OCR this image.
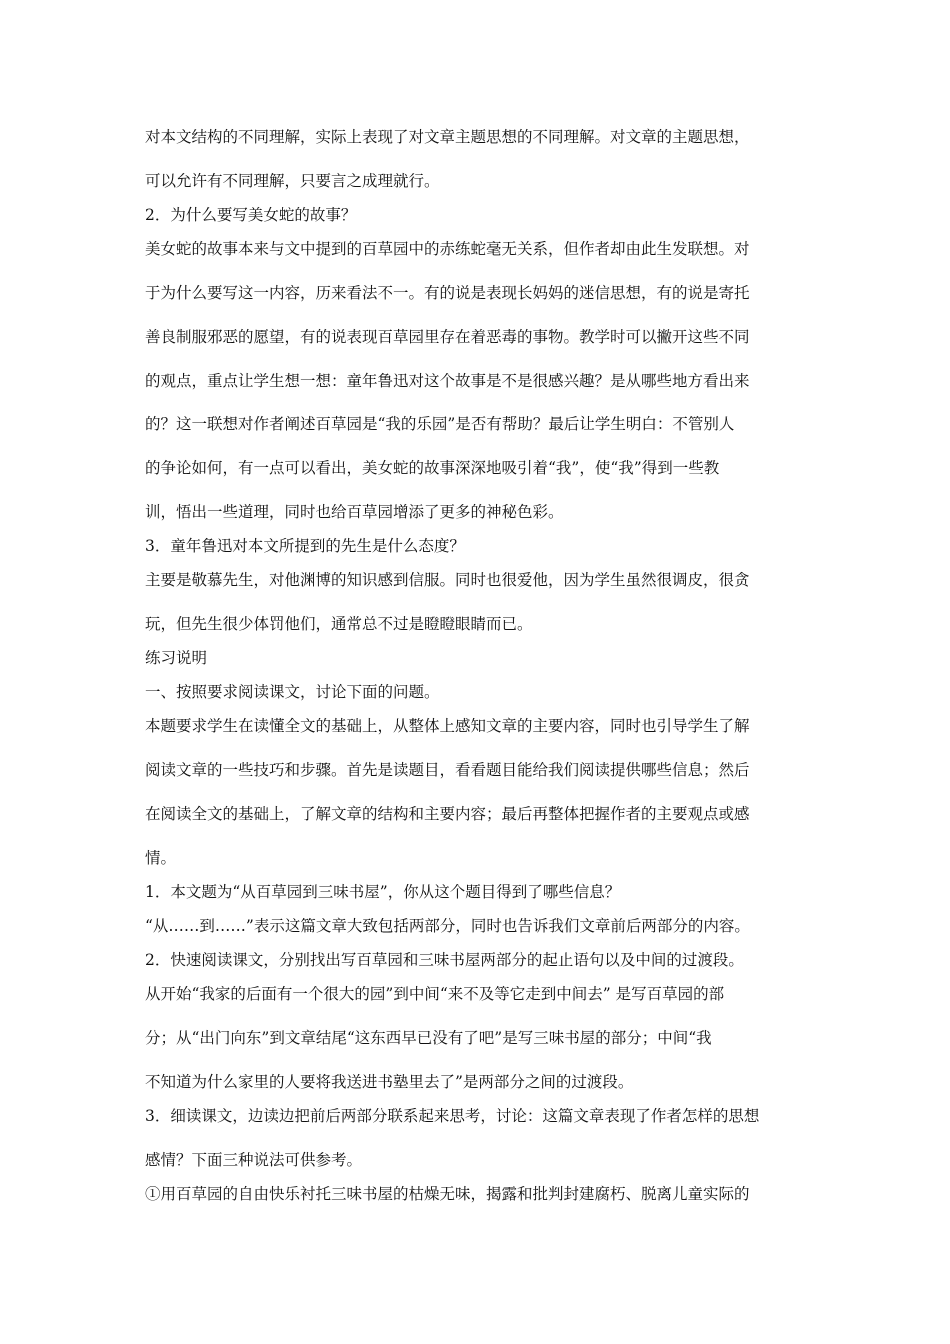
对本文结构的不同理解，实际上表现了对文章主题思想的不同理解。对文章的主题思想，
可以允许有不同理解，只要言之成理就行。
2．为什么要写美女蛇的故事？
美女蛇的故事本来与文中提到的百草园中的赤练蛇毫无关系，但作者却由此生发联想。对
于为什么要写这一内容，历来看法不一。有的说是表现长妈妈的迷信思想，有的说是寄托
善良制服邪恶的愿望，有的说表现百草园里存在着恶毒的事物。教学时可以撇开这些不同
的观点，重点让学生想一想：童年鲁迅对这个故事是不是很感兴趣？是从哪些地方看出来
的？这一联想对作者阐述百草园是“我的乐园”是否有帮助？最后让学生明白：不管别人
的争论如何，有一点可以看出，美女蛇的故事深深地吸引着“我”，使“我”得到一些教
训，悟出一些道理，同时也给百草园增添了更多的神秘色彩。
3．童年鲁迅对本文所提到的先生是什么态度？
主要是敬慕先生，对他渊博的知识感到信服。同时也很爱他，因为学生虽然很调皮，很贪
玩，但先生很少体罚他们，通常总不过是瞪瞪眼睛而已。
练习说明
一、按照要求阅读课文，讨论下面的问题。
本题要求学生在读懂全文的基础上，从整体上感知文章的主要内容，同时也引导学生了解
阅读文章的一些技巧和步骤。首先是读题目，看看题目能给我们阅读提供哪些信息；然后
在阅读全文的基础上，了解文章的结构和主要内容；最后再整体把握作者的主要观点或感
情。
1．本文题为“从百草园到三味书屋”，你从这个题目得到了哪些信息？
“从……到……”表示这篇文章大致包括两部分，同时也告诉我们文章前后两部分的内容。
2．快速阅读课文，分别找出写百草园和三味书屋两部分的起止语句以及中间的过渡段。
从开始“我家的后面有一个很大的园”到中间“来不及等它走到中间去” 是写百草园的部
分；从“出门向东”到文章结尾“这东西早已没有了吧”是写三味书屋的部分；中间“我
不知道为什么家里的人要将我送进书塾里去了”是两部分之间的过渡段。
3．细读课文，边读边把前后两部分联系起来思考，讨论：这篇文章表现了作者怎样的思想
感情？下面三种说法可供参考。
①用百草园的自由快乐衬托三味书屋的枯燥无味，揭露和批判封建腐朽、脱离儿童实际的
